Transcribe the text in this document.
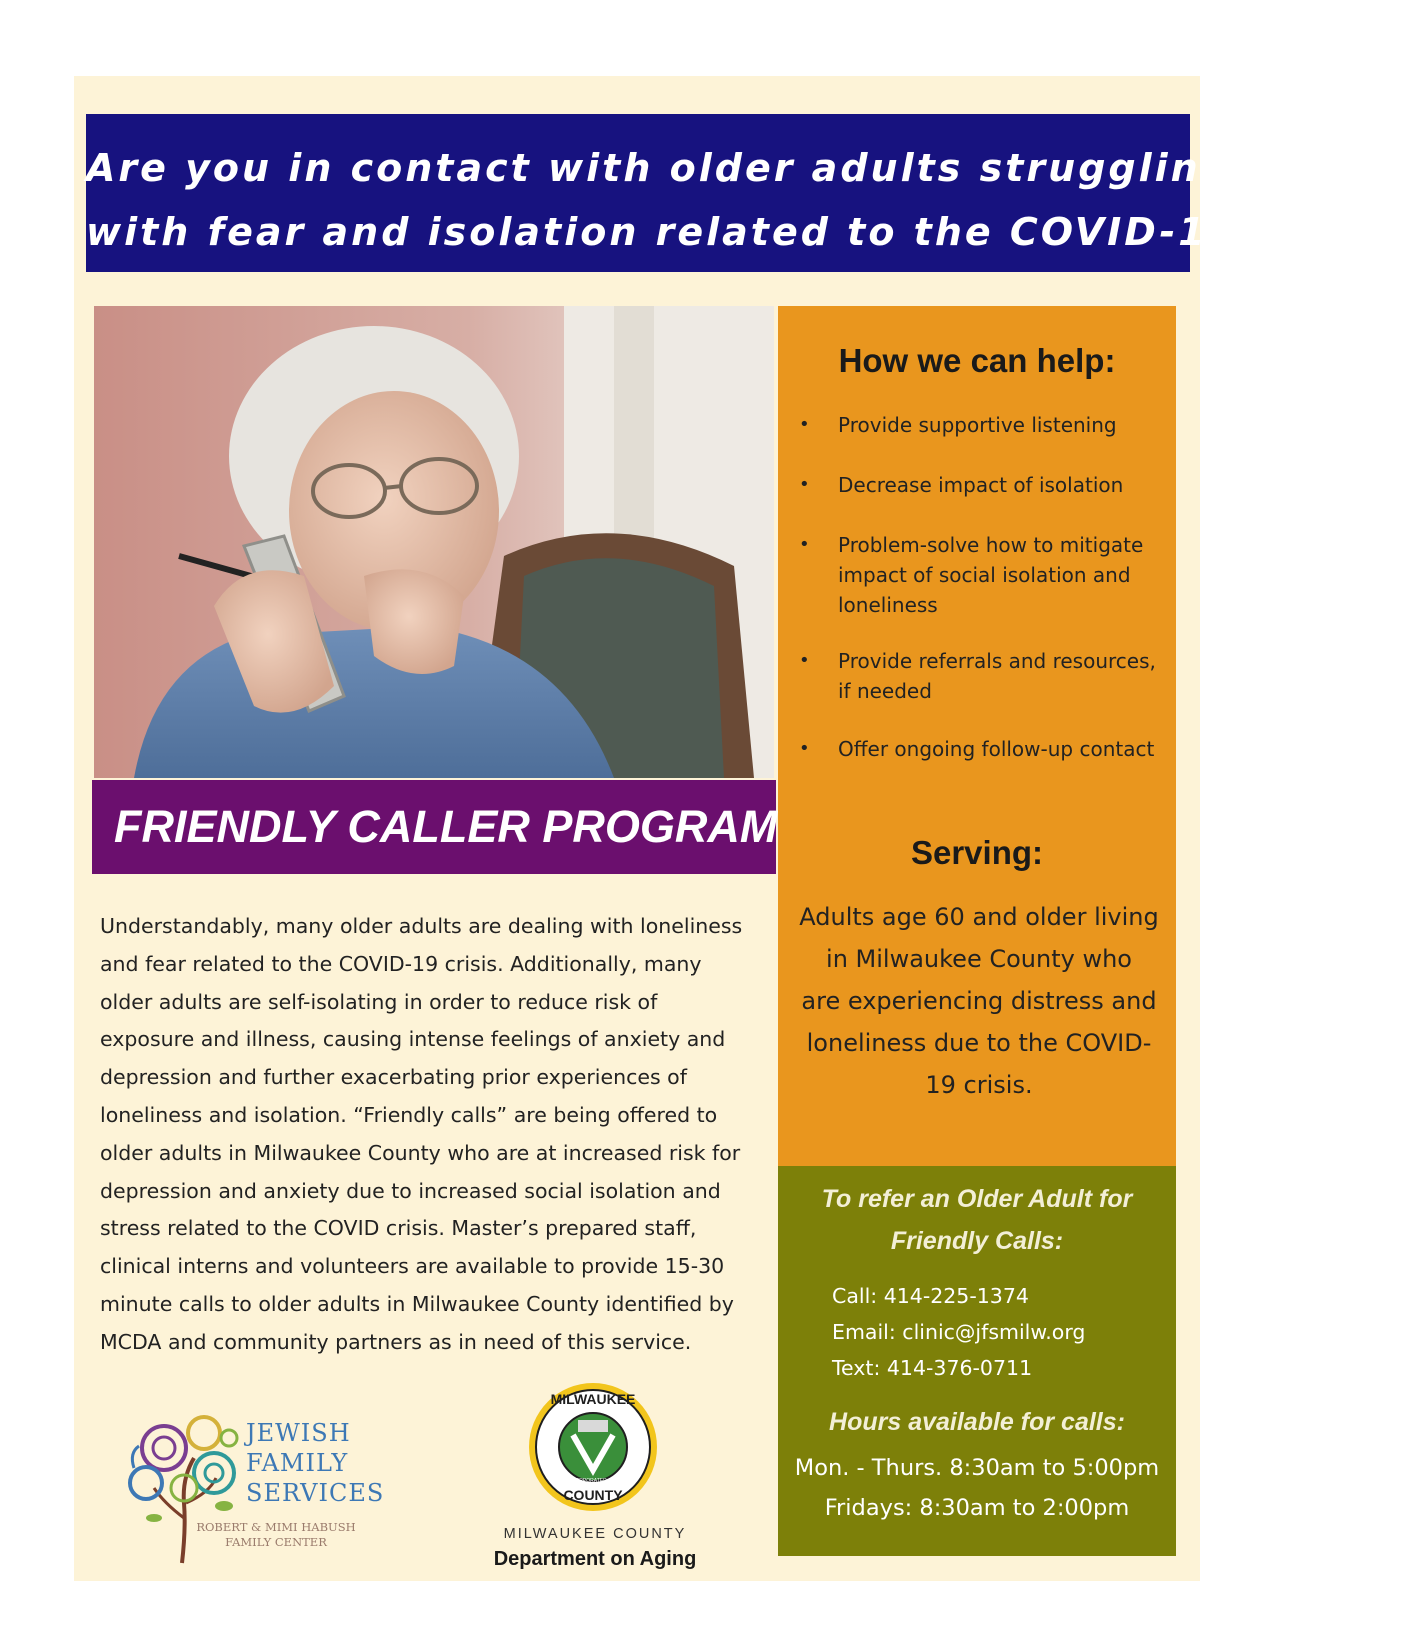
Are you in contact with older adults struggling

with fear and isolation related to the COVID-19 Crisis?

FRIENDLY CALLER PROGRAM
Understandably, many older adults are dealing with loneliness
and fear related to the COVID-19 crisis. Additionally, many
older adults are self-isolating in order to reduce risk of
exposure and illness, causing intense feelings of anxiety and
depression and further exacerbating prior experiences of
loneliness and isolation. “Friendly calls” are being offered to
older adults in Milwaukee County who are at increased risk for
depression and anxiety due to increased social isolation and
stress related to the COVID crisis. Master’s prepared staff,
clinical interns and volunteers are available to provide 15-30
minute calls to older adults in Milwaukee County identified by
MCDA and community partners as in need of this service.
How we can help:
• Provide supportive listening
• Decrease impact of isolation
• Problem-solve how to mitigate impact of social isolation and loneliness
• Provide referrals and resources, if needed
• Offer ongoing follow-up contact
Serving:
Adults age 60 and older living
in Milwaukee County who
are experiencing distress and
loneliness due to the COVID-
19 crisis.
To refer an Older Adult for
Friendly Calls:
Call: 414-225-1374
Email: clinic@jfsmilw.org
Text: 414-376-0711
Hours available for calls:
Mon. - Thurs. 8:30am to 5:00pm
Fridays: 8:30am to 2:00pm
JEWISH
FAMILY
SERVICES
ROBERT & MIMI HABUSH
FAMILY CENTER
MILWAUKEE
COUNTY
INCORPORATED 1835
MILWAUKEE COUNTY
Department on Aging
